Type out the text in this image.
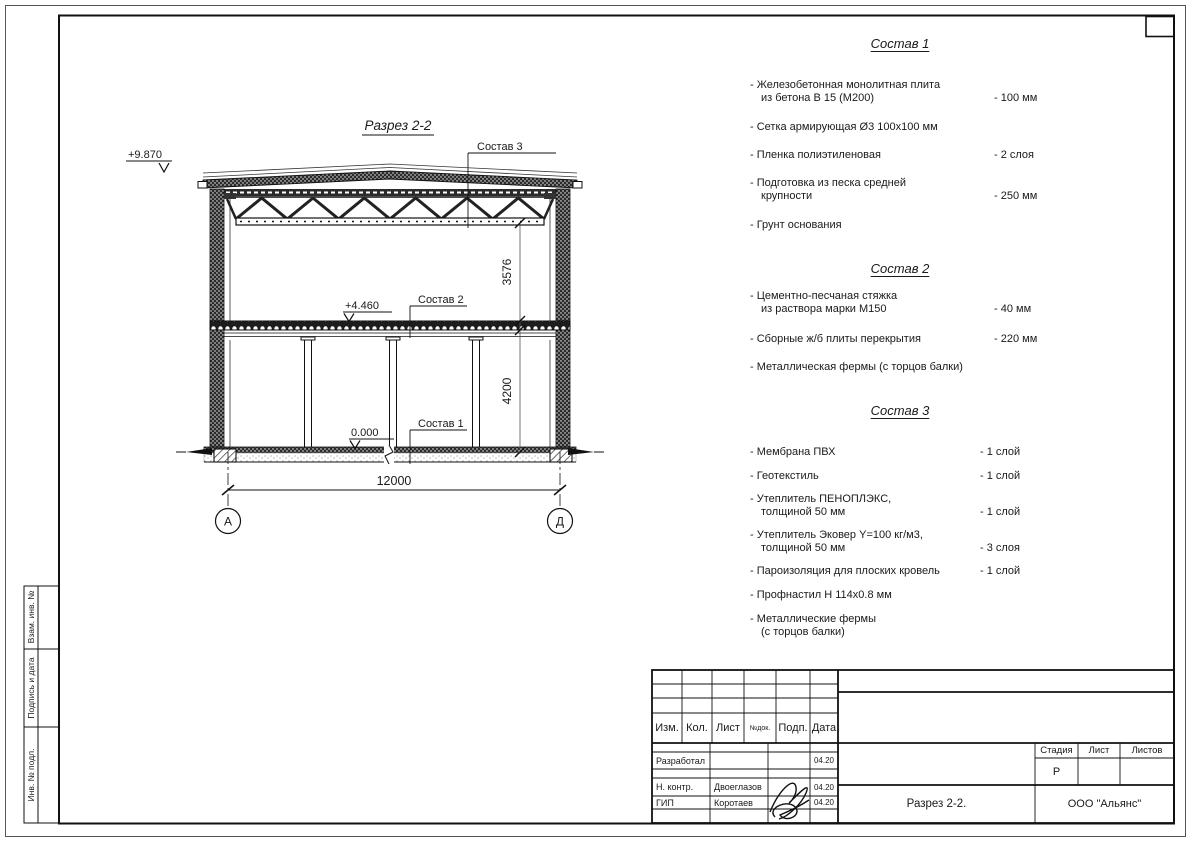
А	Д
12000
3576
4200
+9.870
+4.460
0.000
Состав 3
Состав 2
Состав 1
Разрез 2-2
Состав 1
- Железобетонная монолитная плита
из бетона В 15 (М200)	- 100 мм
- Сетка армирующая Ø3 100х100 мм
- Пленка полиэтиленовая	- 2 слоя
- Подготовка из песка средней
крупности	- 250 мм
- Грунт основания
Состав 2
- Цементно-песчаная стяжка
из раствора марки М150	- 40 мм
- Сборные ж/б плиты перекрытия	- 220 мм
- Металлическая фермы (с торцов балки)
Состав 3
- Мембрана ПВХ	- 1 слой
- Геотекстиль	- 1 слой
- Утеплитель ПЕНОПЛЭКС,
толщиной 50 мм	- 1 слой
- Утеплитель Эковер Y=100 кг/м3,
толщиной 50 мм	- 3 слоя
- Пароизоляция для плоских кровель	- 1 слой
- Профнастил Н 114х0.8 мм
- Металлические фермы
(с торцов балки)
Взам. инв. №
Подпись и дата
Инв. № подл.
Изм. Кол. Лист	№док. Подп. Дата
Разработал	04.20
Н. контр.	Двоеглазов	04.20
ГИП	Коротаев	04.20
Стадия	Лист	Листов
Р
Разрез 2-2.	ООО "Альянс"
